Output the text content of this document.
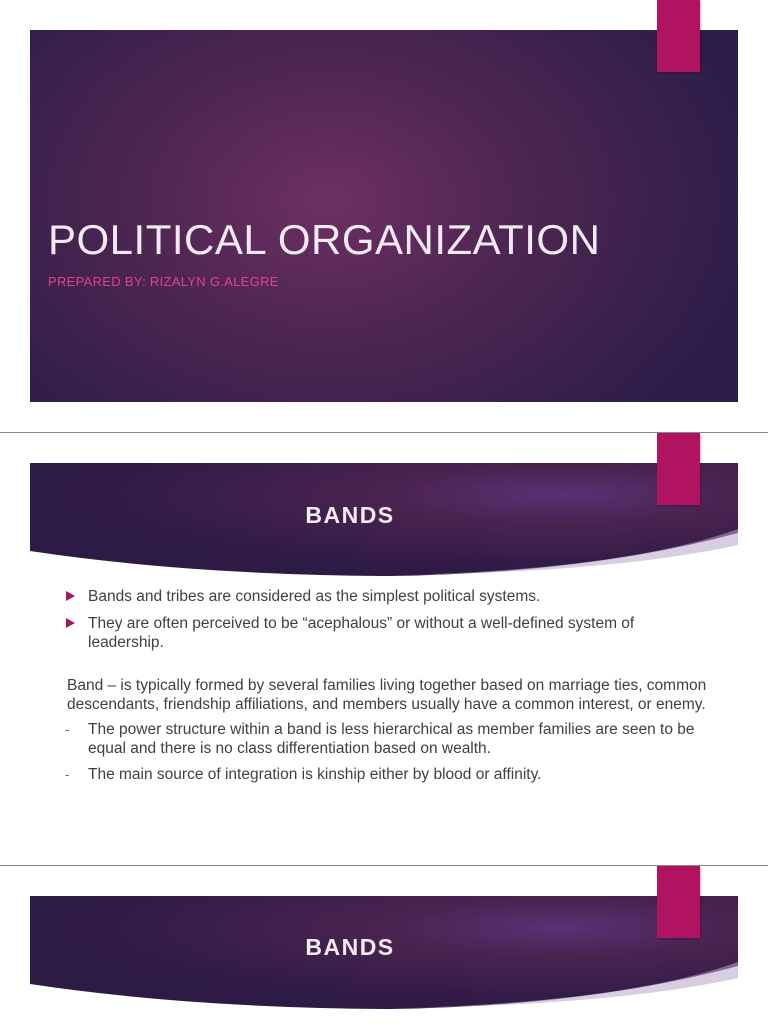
POLITICAL ORGANIZATION

PREPARED BY: RIZALYN G.ALEGRE

BANDS
Bands and tribes are considered as the simplest political systems.
They are often perceived to be “acephalous” or without a well-defined system of leadership.
Band – is typically formed by several families living together based on marriage ties, common descendants, friendship affiliations, and members usually have a common interest, or enemy.
- The power structure within a band is less hierarchical as member families are seen to be equal and there is no class differentiation based on wealth.
- The main source of integration is kinship either by blood or affinity.
BANDS
